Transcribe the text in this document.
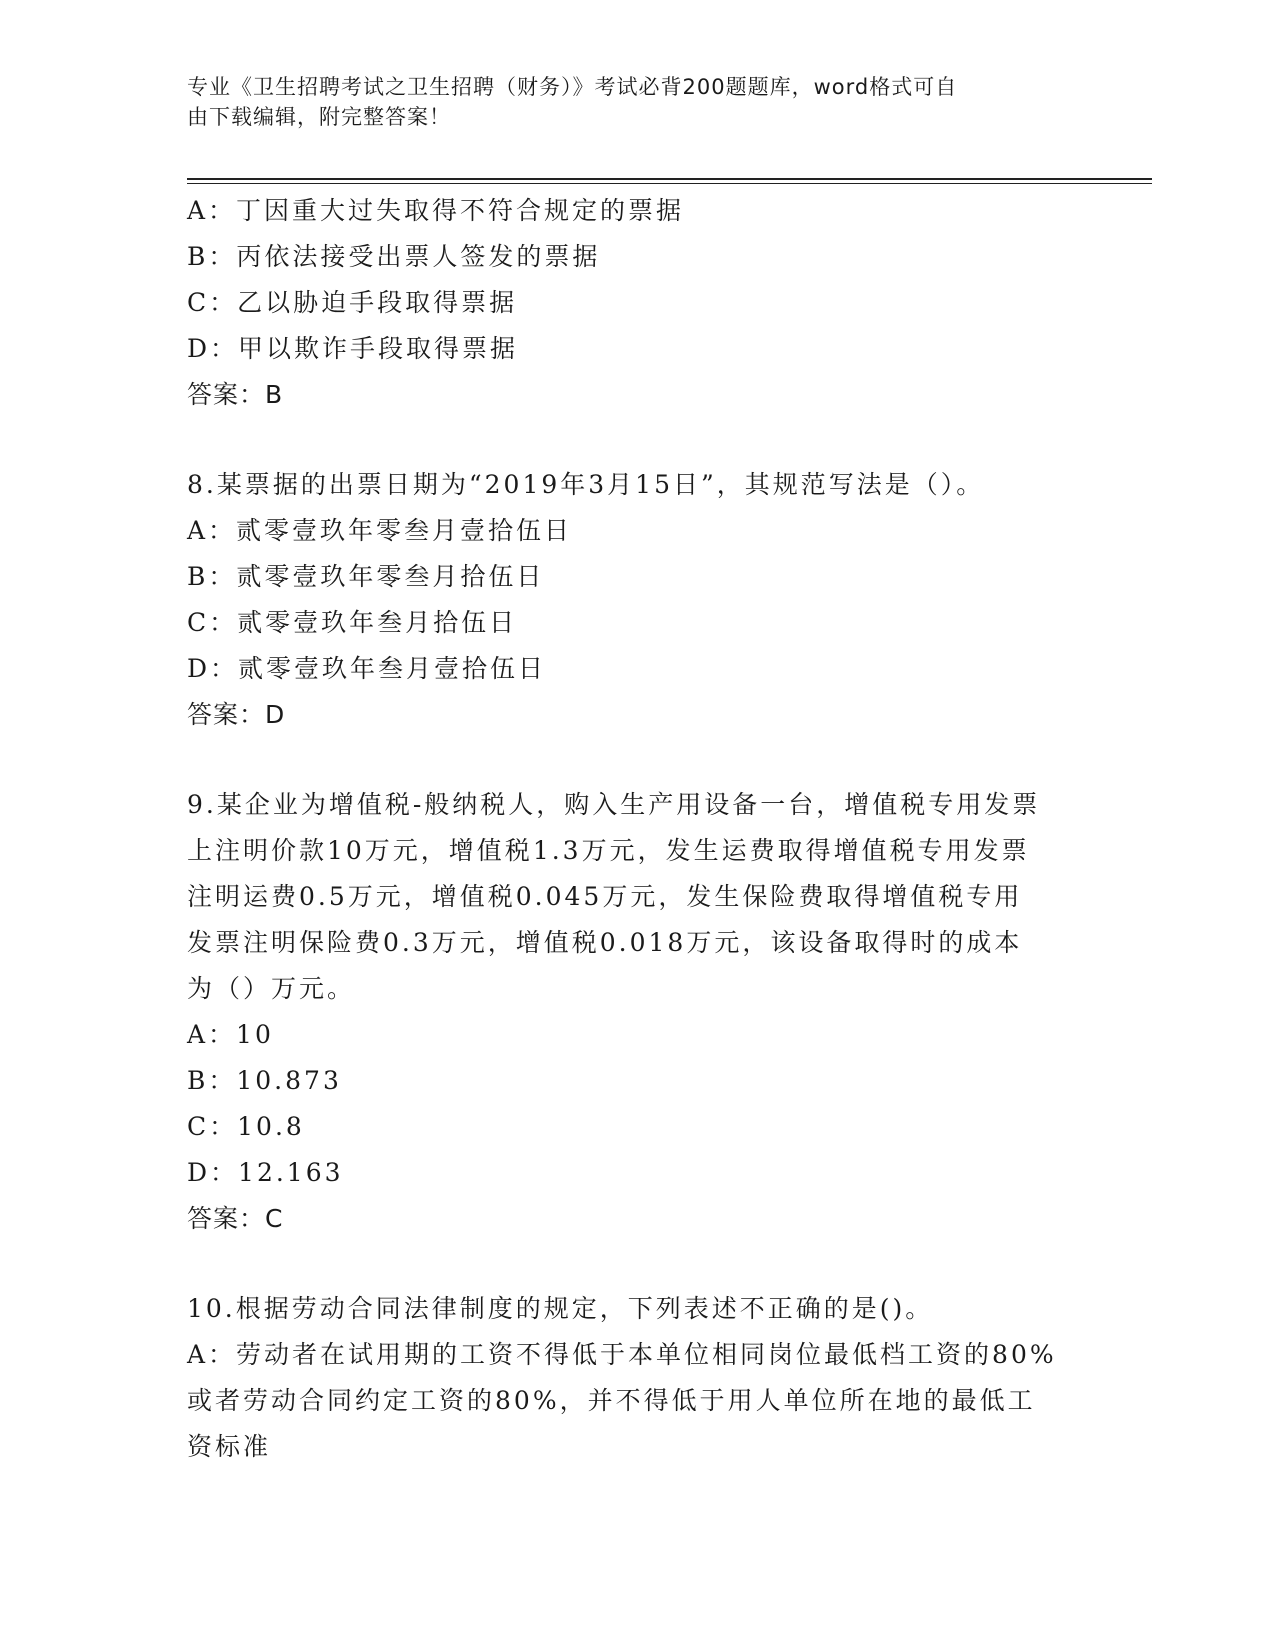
专业《卫生招聘考试之卫生招聘（财务）》考试必背200题题库，word格式可自
由下载编辑，附完整答案！
A：丁因重大过失取得不符合规定的票据
B：丙依法接受出票人签发的票据
C：乙以胁迫手段取得票据
D：甲以欺诈手段取得票据
答案：B
8.某票据的出票日期为“2019年3月15日”，其规范写法是（）。
A：贰零壹玖年零叁月壹拾伍日
B：贰零壹玖年零叁月拾伍日
C：贰零壹玖年叁月拾伍日
D：贰零壹玖年叁月壹拾伍日
答案：D
9.某企业为增值税-般纳税人，购入生产用设备一台，增值税专用发票
上注明价款10万元，增值税1.3万元，发生运费取得增值税专用发票
注明运费0.5万元，增值税0.045万元，发生保险费取得增值税专用
发票注明保险费0.3万元，增值税0.018万元，该设备取得时的成本
为（）万元。
A：10
B：10.873
C：10.8
D：12.163
答案：C
10.根据劳动合同法律制度的规定，下列表述不正确的是()。
A：劳动者在试用期的工资不得低于本单位相同岗位最低档工资的80%
或者劳动合同约定工资的80%，并不得低于用人单位所在地的最低工
资标准
